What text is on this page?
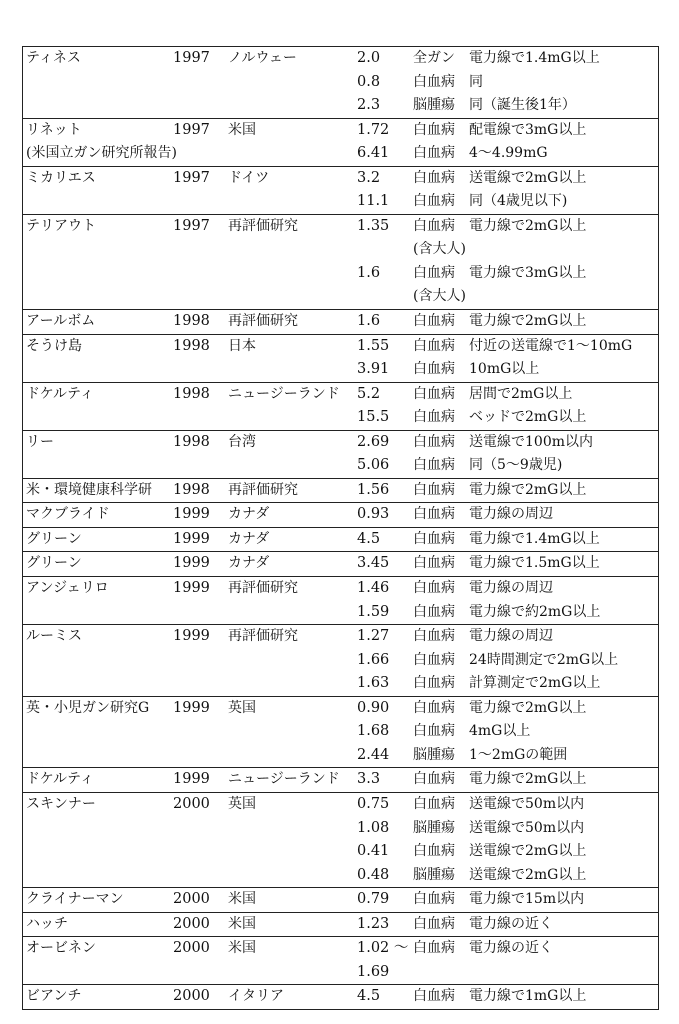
ティネス	1997 ノルウェー	2.0 全ガン 電力線で1.4mG以上
0.8 白血病 同
2.3 脳腫瘍 同（誕生後1年）
リネット	1997 米国	1.72 白血病 配電線で3mG以上
(米国立ガン研究所報告)	6.41 白血病 4～4.99mG
ミカリエス	1997 ドイツ	3.2 白血病 送電線で2mG以上
11.1 白血病 同（4歳児以下)
テリアウト	1997 再評価研究	1.35 白血病 電力線で2mG以上
(含大人)
1.6 白血病 電力線で3mG以上
(含大人)
アールボム	1998 再評価研究	1.6 白血病 電力線で2mG以上
そうけ島	1998 日本	1.55 白血病 付近の送電線で1～10mG
3.91 白血病 10mG以上
ドケルティ	1998 ニュージーランド 5.2 白血病 居間で2mG以上
15.5 白血病 ベッドで2mG以上
リー	1998 台湾	2.69 白血病 送電線で100m以内
5.06 白血病 同（5～9歳児)
米・環境健康科学研 1998 再評価研究	1.56 白血病 電力線で2mG以上
マクブライド	1999 カナダ	0.93 白血病 電力線の周辺
グリーン	1999 カナダ	4.5 白血病 電力線で1.4mG以上
グリーン	1999 カナダ	3.45 白血病 電力線で1.5mG以上
アンジェリロ	1999 再評価研究	1.46 白血病 電力線の周辺
1.59 白血病 電力線で約2mG以上
ルーミス	1999 再評価研究	1.27 白血病 電力線の周辺
1.66 白血病 24時間測定で2mG以上
1.63 白血病 計算測定で2mG以上
英・小児ガン研究G 1999 英国	0.90 白血病 電力線で2mG以上
1.68 白血病 4mG以上
2.44 脳腫瘍 1～2mGの範囲
ドケルティ	1999 ニュージーランド 3.3 白血病 電力線で2mG以上
スキンナー	2000 英国	0.75 白血病 送電線で50m以内
1.08 脳腫瘍 送電線で50m以内
0.41 白血病 送電線で2mG以上
0.48 脳腫瘍 送電線で2mG以上
クライナーマン	2000 米国	0.79 白血病 電力線で15m以内
ハッチ	2000 米国	1.23 白血病 電力線の近く
オービネン	2000 米国	1.02 ～ 白血病 電力線の近く
1.69
ビアンチ	2000 イタリア	4.5 白血病 電力線で1mG以上
